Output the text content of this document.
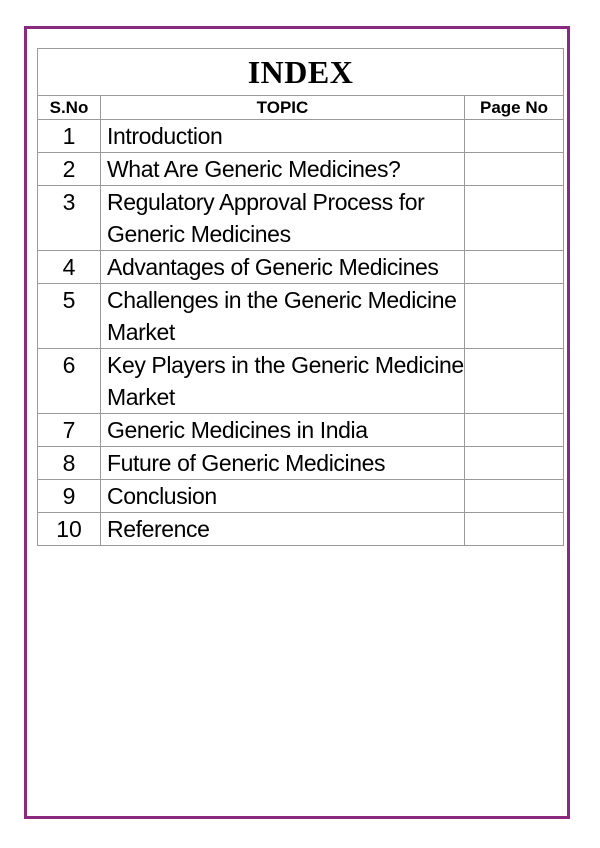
INDEX		
S.No	TOPIC	Page No
1	Introduction	
2	What Are Generic Medicines?	
3	Regulatory Approval Process for Generic Medicines	
4	Advantages of Generic Medicines	
5	Challenges in the Generic Medicine Market	
6	Key Players in the Generic Medicine Market	
7	Generic Medicines in India	
8	Future of Generic Medicines	
9	Conclusion	
10	Reference	
